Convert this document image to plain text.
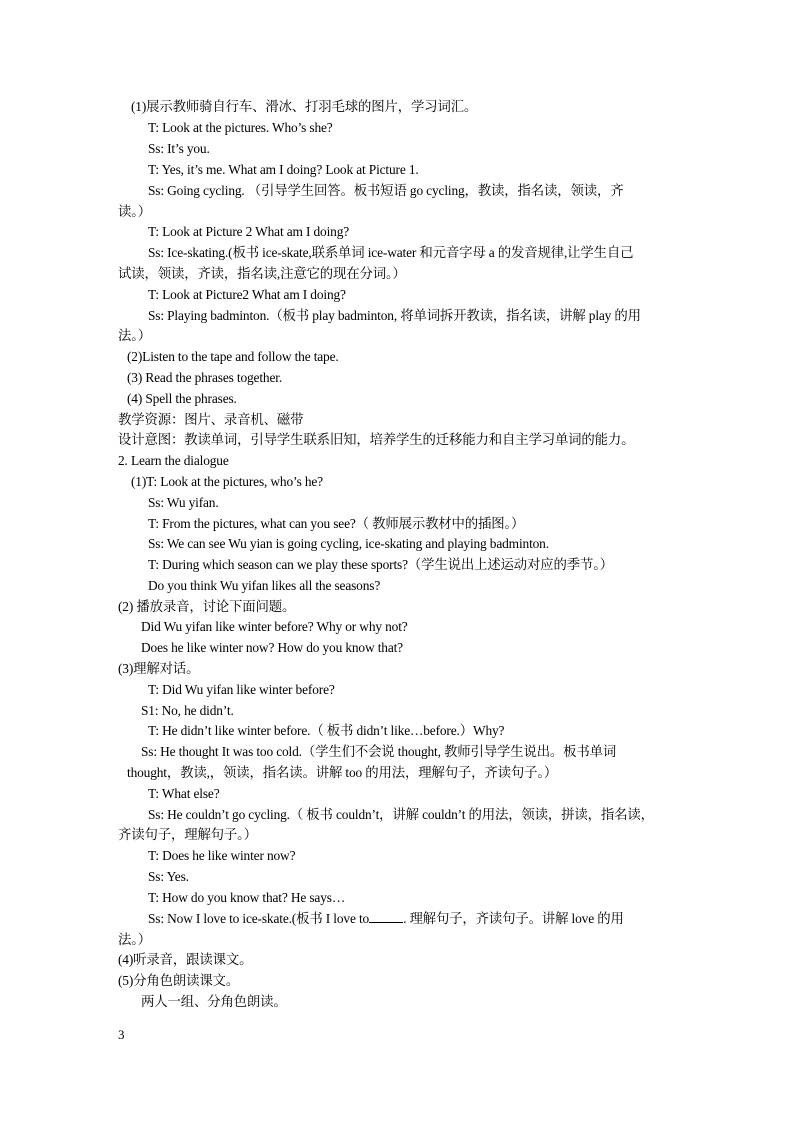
(1)展示教师骑自行车、滑冰、打羽毛球的图片，学习词汇。
T: Look at the pictures. Who’s she?
Ss: It’s you.
T: Yes, it’s me. What am I doing? Look at Picture 1.
Ss: Going cycling. （引导学生回答。板书短语 go cycling，教读，指名读，领读，齐
读。）
T: Look at Picture 2 What am I doing?
Ss: Ice-skating.(板书 ice-skate,联系单词 ice-water 和元音字母 a 的发音规律,让学生自己
试读，领读，齐读，指名读,注意它的现在分词。）
T: Look at Picture2 What am I doing?
Ss: Playing badminton.（板书 play badminton, 将单词拆开教读，指名读，讲解 play 的用
法。）
(2)Listen to the tape and follow the tape.
(3) Read the phrases together.
(4) Spell the phrases.
教学资源：图片、录音机、磁带
设计意图：教读单词，引导学生联系旧知，培养学生的迁移能力和自主学习单词的能力。
2. Learn the dialogue
(1)T: Look at the pictures, who’s he?
Ss: Wu yifan.
T: From the pictures, what can you see?（ 教师展示教材中的插图。）
Ss: We can see Wu yian is going cycling, ice-skating and playing badminton.
T: During which season can we play these sports?（学生说出上述运动对应的季节。）
Do you think Wu yifan likes all the seasons?
(2) 播放录音，讨论下面问题。
Did Wu yifan like winter before? Why or why not?
Does he like winter now? How do you know that?
(3)理解对话。
T: Did Wu yifan like winter before?
S1: No, he didn’t.
T: He didn’t like winter before.（ 板书 didn’t like…before.）Why?
Ss: He thought It was too cold.（学生们不会说 thought, 教师引导学生说出。板书单词
thought，教读,，领读，指名读。讲解 too 的用法，理解句子，齐读句子。）
T: What else?
Ss: He couldn’t go cycling.（ 板书 couldn’t，讲解 couldn’t 的用法，领读，拼读，指名读，
齐读句子，理解句子。）
T: Does he like winter now?
Ss: Yes.
T: How do you know that? He says…
Ss: Now I love to ice-skate.(板书 I love to	. 理解句子，齐读句子。讲解 love 的用
法。）
(4)听录音，跟读课文。
(5)分角色朗读课文。
两人一组、分角色朗读。
3
